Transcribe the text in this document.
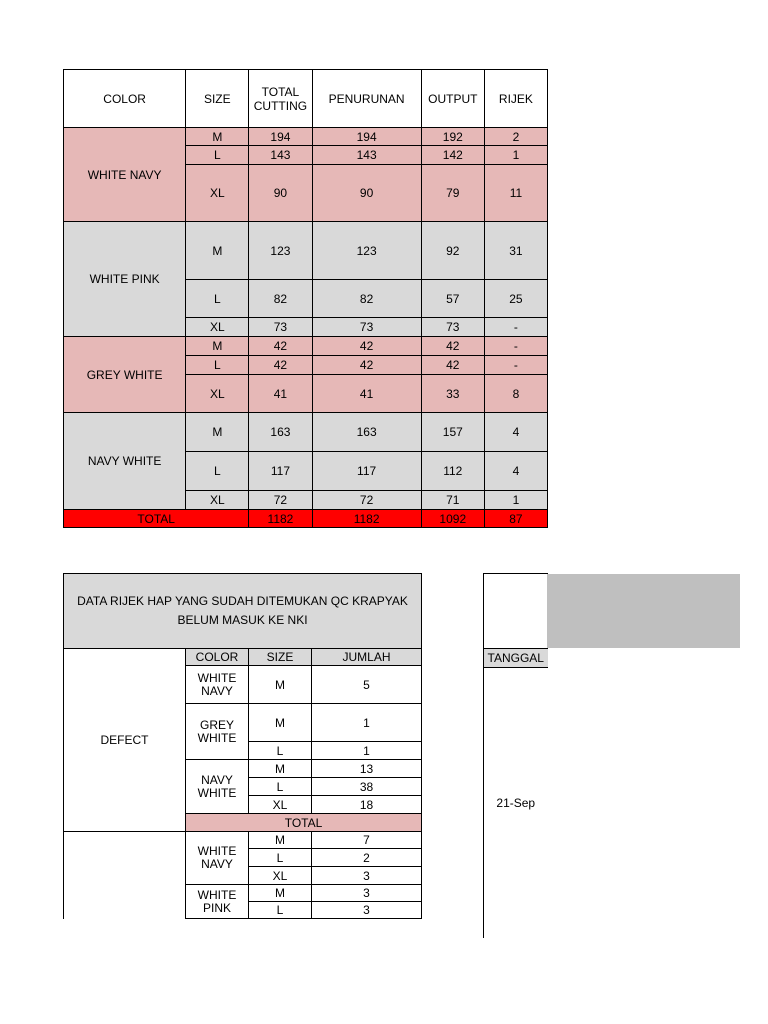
COLOR	SIZE	TOTAL CUTTING	PENURUNAN	OUTPUT	RIJEK
WHITE NAVY	M	194	194	192	2
	L	143	143	142	1
	XL	90	90	79	11
WHITE PINK	M	123	123	92	31
	L	82	82	57	25
	XL	73	73	73	-
GREY WHITE	M	42	42	42	-
	L	42	42	42	-
	XL	41	41	33	8
NAVY WHITE	M	163	163	157	4
	L	117	117	112	4
	XL	72	72	71	1
TOTAL		1182	1182	1092	87
DATA RIJEK HAP YANG SUDAH DITEMUKAN QC KRAPYAK BELUM MASUK KE NKI				
DEFECT	COLOR	SIZE	JUMLAH	
	WHITE NAVY	M	5	
	GREY WHITE	M	1	
		L	1	
	NAVY WHITE	M	13	
		L	38	
		XL	18	
	TOTAL	
	WHITE NAVY	M	7	
		L	2	
		XL	3	
	WHITE PINK	M	3	
		L	3	

TANGGAL
21-Sep
